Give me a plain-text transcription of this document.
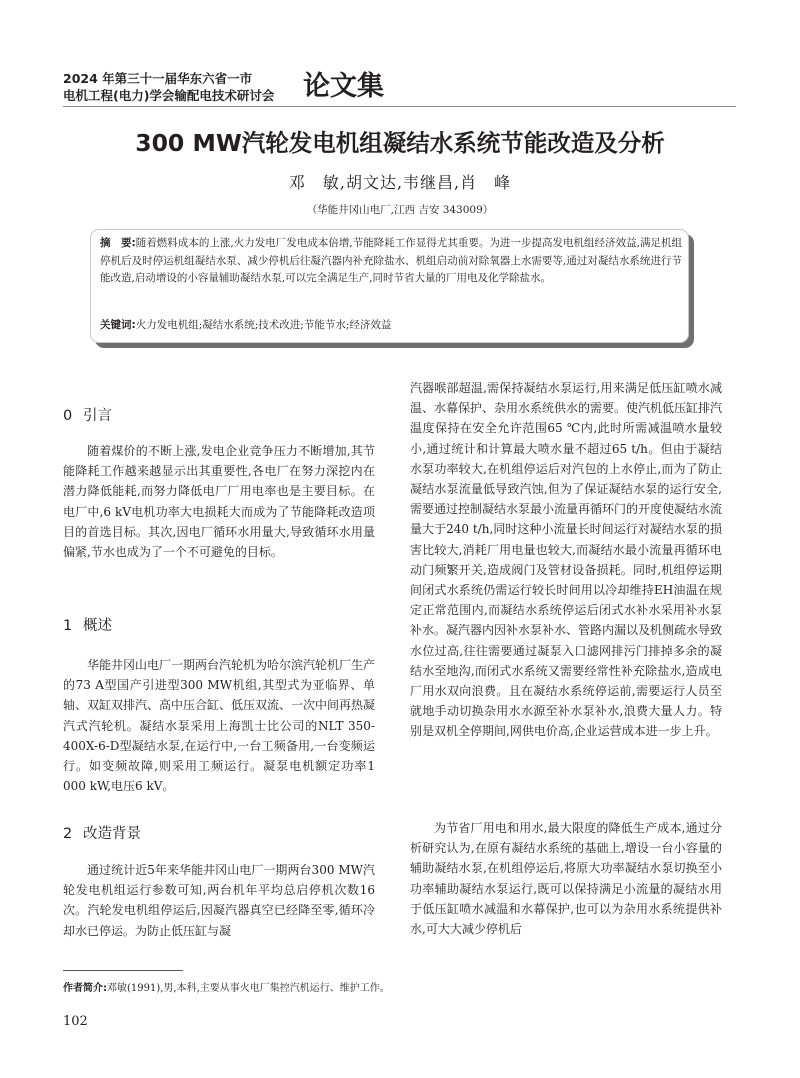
2024 年第三十一届华东六省一市
电机工程(电力)学会输配电技术研讨会 论文集
300 MW汽轮发电机组凝结水系统节能改造及分析
邓　敏,胡文达,韦继昌,肖　峰
（华能井冈山电厂,江西 吉安 343009）
摘　要:随着燃料成本的上涨,火力发电厂发电成本倍增,节能降耗工作显得尤其重要。为进一步提高发电机组经济效益,满足机组停机后及时停运机组凝结水泵、减少停机后往凝汽器内补充除盐水、机组启动前对除氧器上水需要等,通过对凝结水系统进行节能改造,启动增设的小容量辅助凝结水泵,可以完全满足生产,同时节省大量的厂用电及化学除盐水。
关键词:火力发电机组;凝结水系统;技术改进;节能节水;经济效益
0 引言

随着煤价的不断上涨,发电企业竞争压力不断增加,其节能降耗工作越来越显示出其重要性,各电厂在努力深挖内在潜力降低能耗,而努力降低电厂厂用电率也是主要目标。在电厂中,6 kV电机功率大电损耗大而成为了节能降耗改造项目的首选目标。其次,因电厂循环水用量大,导致循环水用量偏紧,节水也成为了一个不可避免的目标。

1 概述

华能井冈山电厂一期两台汽轮机为哈尔滨汽轮机厂生产的73 A型国产引进型300 MW机组,其型式为亚临界、单轴、双缸双排汽、高中压合缸、低压双流、一次中间再热凝汽式汽轮机。凝结水泵采用上海凯士比公司的NLT 350-400X-6-D型凝结水泵,在运行中,一台工频备用,一台变频运行。如变频故障,则采用工频运行。凝泵电机额定功率1 000 kW,电压6 kV。

2 改造背景

通过统计近5年来华能井冈山电厂一期两台300 MW汽轮发电机组运行参数可知,两台机年平均总启停机次数16次。汽轮发电机组停运后,因凝汽器真空已经降至零,循环冷却水已停运。为防止低压缸与凝

汽器喉部超温,需保持凝结水泵运行,用来满足低压缸喷水减温、水幕保护、杂用水系统供水的需要。使汽机低压缸排汽温度保持在安全允许范围65 ℃内,此时所需减温喷水量较小,通过统计和计算最大喷水量不超过65 t/h。但由于凝结水泵功率较大,在机组停运后对汽包的上水停止,而为了防止凝结水泵流量低导致汽蚀,但为了保证凝结水泵的运行安全,需要通过控制凝结水泵最小流量再循环门的开度使凝结水流量大于240 t/h,同时这种小流量长时间运行对凝结水泵的损害比较大,消耗厂用电量也较大,而凝结水最小流量再循环电动门频繁开关,造成阀门及管材设备损耗。同时,机组停运期间闭式水系统仍需运行较长时间用以冷却维持EH油温在规定正常范围内,而凝结水系统停运后闭式水补水采用补水泵补水。凝汽器内因补水泵补水、管路内漏以及机侧疏水导致水位过高,往往需要通过凝泵入口滤网排污门排掉多余的凝结水至地沟,而闭式水系统又需要经常性补充除盐水,造成电厂用水双向浪费。且在凝结水系统停运前,需要运行人员至就地手动切换杂用水水源至补水泵补水,浪费大量人力。特别是双机全停期间,网供电价高,企业运营成本进一步上升。

为节省厂用电和用水,最大限度的降低生产成本,通过分析研究认为,在原有凝结水系统的基础上,增设一台小容量的辅助凝结水泵,在机组停运后,将原大功率凝结水泵切换至小功率辅助凝结水泵运行,既可以保持满足小流量的凝结水用于低压缸喷水减温和水幕保护,也可以为杂用水系统提供补水,可大大减少停机后

作者简介:邓敏(1991),男,本科,主要从事火电厂集控汽机运行、维护工作。
102
